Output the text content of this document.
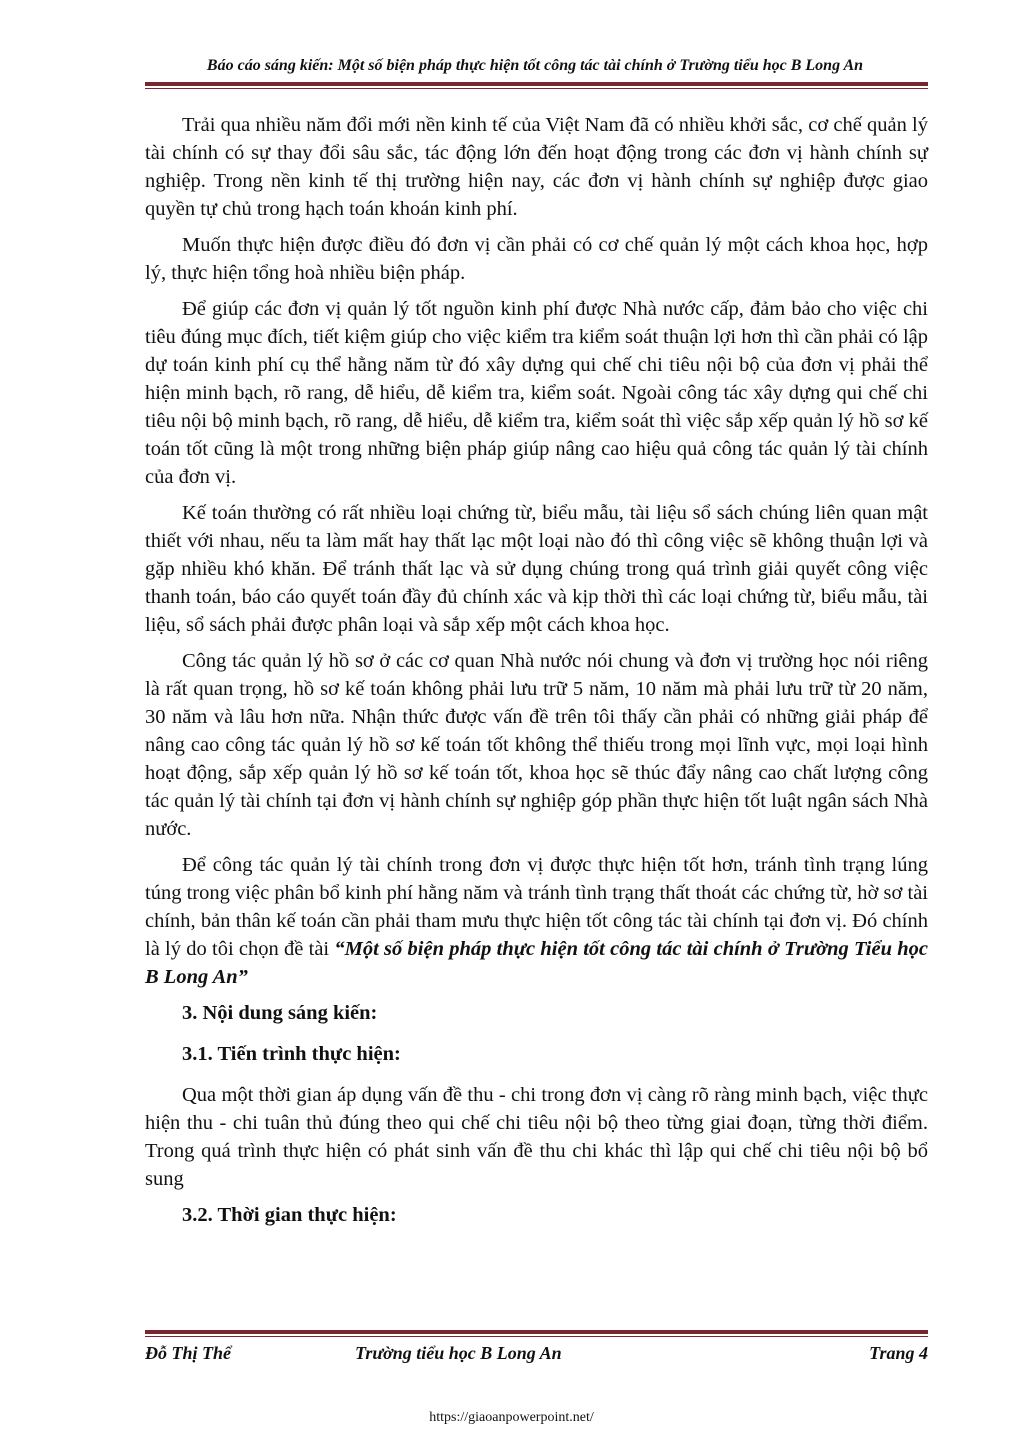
Báo cáo sáng kiến: Một số biện pháp thực hiện tốt công tác tài chính ở Trường tiểu học B Long An

Trải qua nhiều năm đổi mới nền kinh tế của Việt Nam đã có nhiều khởi sắc, cơ chế quản lý tài chính có sự thay đổi sâu sắc, tác động lớn đến hoạt động trong các đơn vị hành chính sự nghiệp. Trong nền kinh tế thị trường hiện nay, các đơn vị hành chính sự nghiệp được giao quyền tự chủ trong hạch toán khoán kinh phí.

Muốn thực hiện được điều đó đơn vị cần phải có cơ chế quản lý một cách khoa học, hợp lý, thực hiện tổng hoà nhiều biện pháp.

Để giúp các đơn vị quản lý tốt nguồn kinh phí được Nhà nước cấp, đảm bảo cho việc chi tiêu đúng mục đích, tiết kiệm giúp cho việc kiểm tra kiểm soát thuận lợi hơn thì cần phải có lập dự toán kinh phí cụ thể hằng năm từ đó xây dựng qui chế chi tiêu nội bộ của đơn vị phải thể hiện minh bạch, rõ rang, dễ hiểu, dễ kiểm tra, kiểm soát. Ngoài công tác xây dựng qui chế chi tiêu nội bộ minh bạch, rõ rang, dễ hiểu, dễ kiểm tra, kiểm soát thì việc sắp xếp quản lý hồ sơ kế toán tốt cũng là một trong những biện pháp giúp nâng cao hiệu quả công tác quản lý tài chính của đơn vị.

Kế toán thường có rất nhiều loại chứng từ, biểu mẫu, tài liệu sổ sách chúng liên quan mật thiết với nhau, nếu ta làm mất hay thất lạc một loại nào đó thì công việc sẽ không thuận lợi và gặp nhiều khó khăn. Để tránh thất lạc và sử dụng chúng trong quá trình giải quyết công việc thanh toán, báo cáo quyết toán đầy đủ chính xác và kịp thời thì các loại chứng từ, biểu mẫu, tài liệu, sổ sách phải được phân loại và sắp xếp một cách khoa học.

Công tác quản lý hồ sơ ở các cơ quan Nhà nước nói chung và đơn vị trường học nói riêng là rất quan trọng, hồ sơ kế toán không phải lưu trữ 5 năm, 10 năm mà phải lưu trữ từ 20 năm, 30 năm và lâu hơn nữa. Nhận thức được vấn đề trên tôi thấy cần phải có những giải pháp để nâng cao công tác quản lý hồ sơ kế toán tốt không thể thiếu trong mọi lĩnh vực, mọi loại hình hoạt động, sắp xếp quản lý hồ sơ kế toán tốt, khoa học sẽ thúc đẩy nâng cao chất lượng công tác quản lý tài chính tại đơn vị hành chính sự nghiệp góp phần thực hiện tốt luật ngân sách Nhà nước.

Để công tác quản lý tài chính trong đơn vị được thực hiện tốt hơn, tránh tình trạng lúng túng trong việc phân bổ kinh phí hằng năm và tránh tình trạng thất thoát các chứng từ, hờ sơ tài chính, bản thân kế toán cần phải tham mưu thực hiện tốt công tác tài chính tại đơn vị. Đó chính là lý do tôi chọn đề tài “Một số biện pháp thực hiện tốt công tác tài chính ở Trường Tiểu học B Long An”

3. Nội dung sáng kiến:
3.1. Tiến trình thực hiện:

Qua một thời gian áp dụng vấn đề thu - chi trong đơn vị càng rõ ràng minh bạch, việc thực hiện thu - chi tuân thủ đúng theo qui chế chi tiêu nội bộ theo từng giai đoạn, từng thời điểm. Trong quá trình thực hiện có phát sinh vấn đề thu chi khác thì lập qui chế chi tiêu nội bộ bổ sung

3.2. Thời gian thực hiện:
Đỗ Thị Thể	Trường tiểu học B Long An	Trang 4
https://giaoanpowerpoint.net/
